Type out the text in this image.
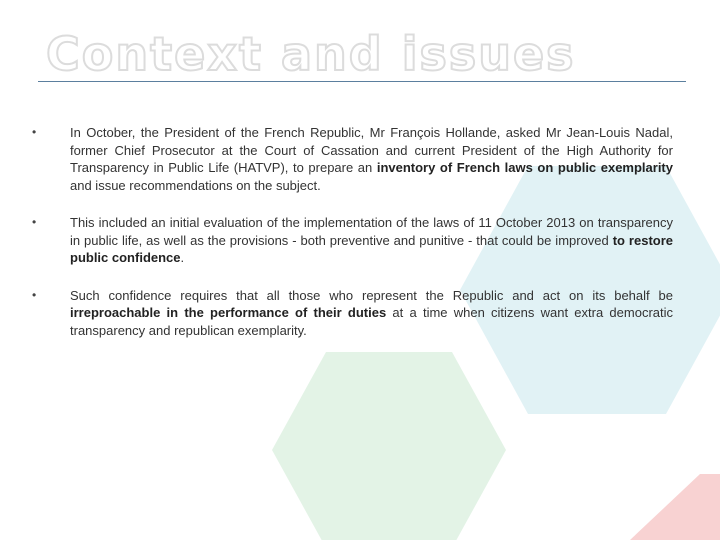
Context and issues
•	In October, the President of the French Republic, Mr François Hollande, asked Mr Jean-Louis Nadal, former Chief Prosecutor at the Court of Cassation and current President of the High Authority for Transparency in Public Life (HATVP), to prepare an inventory of French laws on public exemplarity and issue recommendations on the subject.
•	This included an initial evaluation of the implementation of the laws of 11 October 2013 on transparency in public life, as well as the provisions - both preventive and punitive - that could be improved to restore public confidence.
•	Such confidence requires that all those who represent the Republic and act on its behalf be irreproachable in the performance of their duties at a time when citizens want extra democratic transparency and republican exemplarity.
